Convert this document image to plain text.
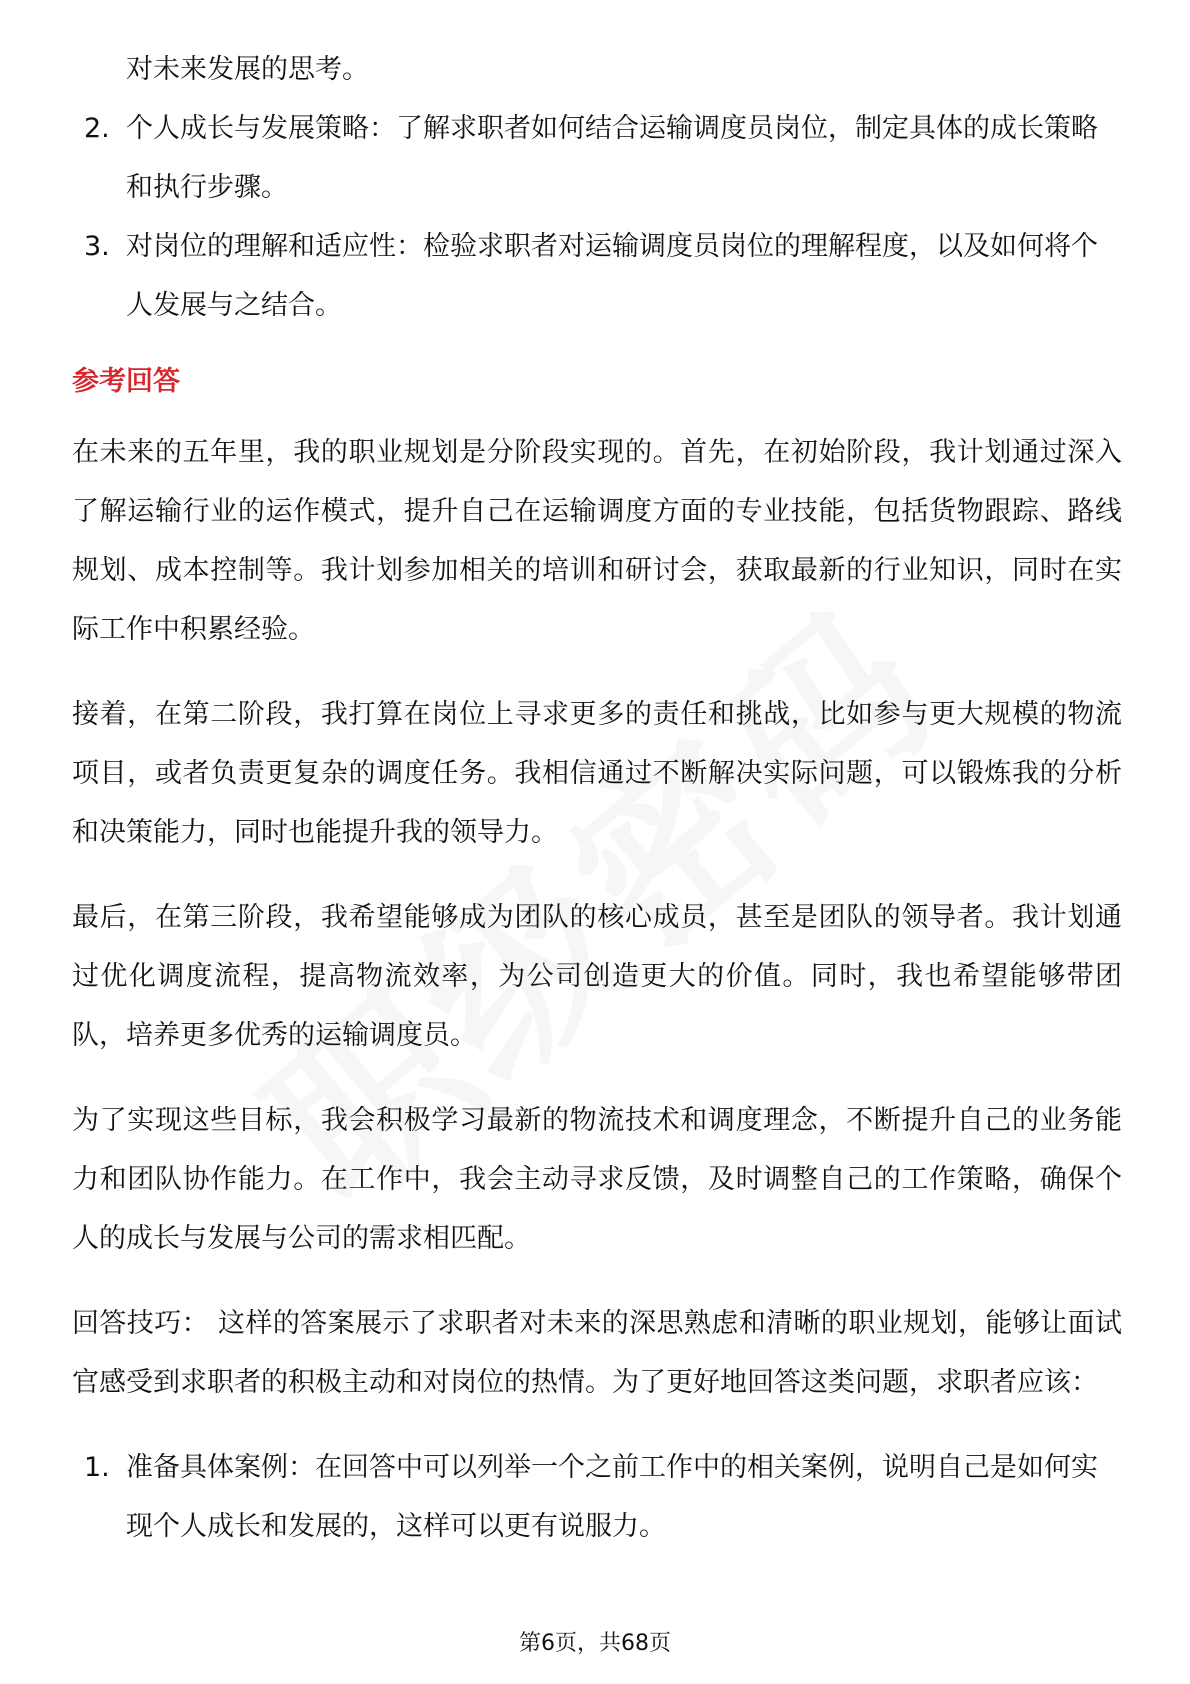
对未来发展的思考。
2. 个人成长与发展策略：了解求职者如何结合运输调度员岗位，制定具体的成长策略和执行步骤。
3. 对岗位的理解和适应性：检验求职者对运输调度员岗位的理解程度，以及如何将个人发展与之结合。
参考回答

在未来的五年里，我的职业规划是分阶段实现的。首先，在初始阶段，我计划通过深入了解运输行业的运作模式，提升自己在运输调度方面的专业技能，包括货物跟踪、路线规划、成本控制等。我计划参加相关的培训和研讨会，获取最新的行业知识，同时在实际工作中积累经验。

接着，在第二阶段，我打算在岗位上寻求更多的责任和挑战，比如参与更大规模的物流项目，或者负责更复杂的调度任务。我相信通过不断解决实际问题，可以锻炼我的分析和决策能力，同时也能提升我的领导力。

最后，在第三阶段，我希望能够成为团队的核心成员，甚至是团队的领导者。我计划通过优化调度流程，提高物流效率，为公司创造更大的价值。同时，我也希望能够带团队，培养更多优秀的运输调度员。

为了实现这些目标，我会积极学习最新的物流技术和调度理念，不断提升自己的业务能力和团队协作能力。在工作中，我会主动寻求反馈，及时调整自己的工作策略，确保个人的成长与发展与公司的需求相匹配。

回答技巧： 这样的答案展示了求职者对未来的深思熟虑和清晰的职业规划，能够让面试官感受到求职者的积极主动和对岗位的热情。为了更好地回答这类问题，求职者应该：

1. 准备具体案例：在回答中可以列举一个之前工作中的相关案例，说明自己是如何实现个人成长和发展的，这样可以更有说服力。
第6页，共68页
